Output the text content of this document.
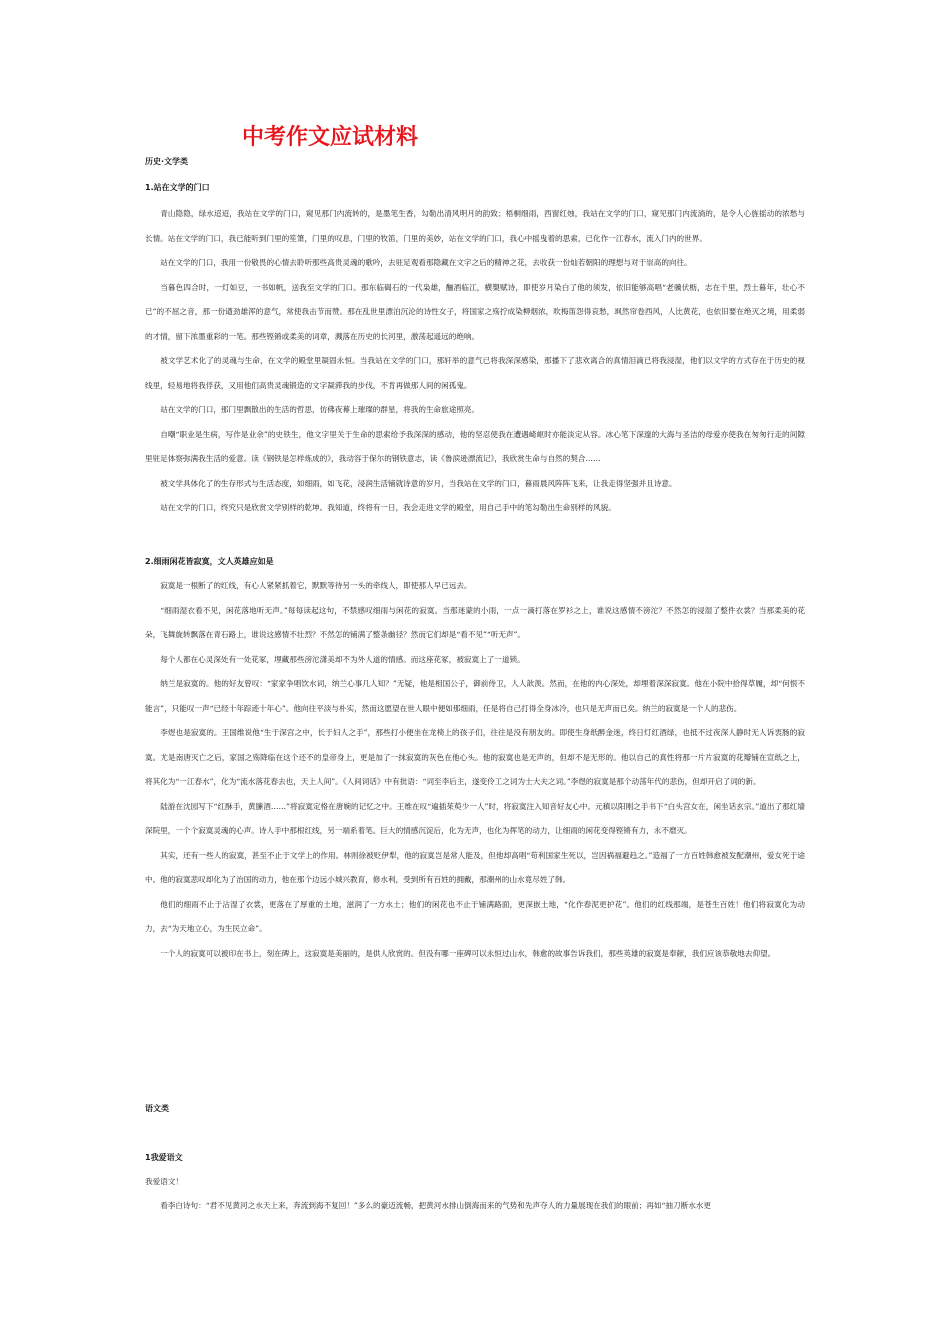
中考作文应试材料
历史·文学类
1.站在文学的门口

青山隐隐，绿水迢迢，我站在文学的门口，窥见那门内流转的，是墨笔生香，勾勒出清风明月的韵致；梧桐细雨，西窗红烛，我站在文学的门口，窥见那门内流淌的，是令人心旌摇动的浓愁与长情。站在文学的门口，我已能听到门里的笙箫，门里的叹息，门里的牧笛，门里的美妙，站在文学的门口，我心中摇曳着的思索，已化作一江春水，流入门内的世界。

站在文学的门口，我用一份敬畏的心情去聆听那些高贵灵魂的歌吟，去驻足观看那隐藏在文字之后的精神之花，去收获一份灿若朝阳的理想与对于崇高的向往。

当暮色四合时，一灯如豆，一书如帆，送我至文学的门口。那东临碣石的一代枭雄，酾酒临江，横槊赋诗，即使岁月染白了他的须发，依旧能够高唱“老骥伏枥，志在千里，烈士暮年，壮心不已”的不屈之音，那一份遒劲雄浑的意气，常使我击节而赞。那在乱世里漂泊沉沦的诗性女子，将国家之殇拧成染柳烟浓，吹梅笛怨得哀愁，飒然帘卷西风，人比黄花，也依旧要在绝灭之境，用柔弱的才情，留下浓墨重彩的一笔。那些铿锵或柔美的词章，溅落在历史的长河里，激荡起遥远的绝响。

被文学艺术化了的灵魂与生命，在文学的殿堂里凝固永恒。当我站在文学的门口，那轩举的意气已将我深深感染，那播下了悲欢离合的真情泪滴已将我浸湿，他们以文学的方式存在于历史的视线里，轻易地将我俘获，又用他们高贵灵魂锻造的文字凝滞我的步伐，不肯再做那人间的闲孤鬼。

站在文学的门口，那门里飘散出的生活的哲思，仿佛夜幕上璀璨的群星，将我的生命旅途照亮。

自嘲“职业是生病，写作是业余”的史铁生，他文字里关于生命的思索给予我深深的感动，他的坚忍使我在遭遇崎岖时亦能淡定从容。冰心笔下深邃的大海与圣洁的母爱亦使我在匆匆行走的间隙里驻足体察弥满我生活的爱意。读《钢铁是怎样炼成的》，我动容于保尔的钢铁意志，读《鲁滨逊漂流记》，我欣赏生命与自然的契合……

被文学具体化了的生存形式与生活态度，如细雨，如飞花，浸润生活铺就诗意的岁月，当我站在文学的门口，暮雨晨风阵阵飞来，让我走得坚强并且诗意。

站在文学的门口，终究只是欣赏文学别样的乾坤。我知道，终将有一日，我会走进文学的殿堂，用自己手中的笔勾勒出生命别样的风貌。

2.细雨闲花皆寂寞，文人英雄应如是

寂寞是一根断了的红线，有心人紧紧抓着它，默默等待另一头的牵线人，即使那人早已远去。

“细雨湿衣看不见，闲花落地听无声。”每每读起这句，不禁感叹细雨与闲花的寂寞。当那迷蒙的小雨，一点一滴打落在罗衫之上，谁说这感情不滂沱？不然怎的浸湿了整件衣裳？当那柔美的花朵，飞舞旋转飘落在青石路上，谁说这感情不壮烈？不然怎的铺满了整条幽径？然而它们却是“看不见”“听无声”。

每个人都在心灵深处有一处花冢，埋藏那些滂沱潇美却不为外人道的情感。而这座花冢，被寂寞上了一道锁。

纳兰是寂寞的。他的好友曾叹：“家家争唱饮水词，纳兰心事几人知？”无疑，他是相国公子，御前侍卫，人人歆羡。然而，在他的内心深处，却埋着深深寂寞。他在小院中拾得草履，却“何恨不能言”，只能叹一声“已经十年踪迹十年心”。他向往平淡与朴实，然而这愿望在世人眼中便如那细雨，任是将自己打得全身冰冷，也只是无声而已矣。纳兰的寂寞是一个人的悲伤。

李煜也是寂寞的。王国维说他“生于深宫之中，长于妇人之手”，那些打小便坐在龙椅上的孩子们，往往是没有朋友的。即使生身纸醉金迷，终日灯红酒绿，也抵不过夜深人静时无人诉衷肠的寂寞。尤是南唐灭亡之后，家国之殇降临在这个还不的皇帝身上，更是加了一抹寂寞的灰色在他心头。他的寂寞也是无声的，但却不是无形的。他以自己的真性将那一片片寂寞的花瓣铺在宣纸之上，将其化为“一江春水”，化为“流水落花春去也，天上人间”。《人间词话》中有批语：“词至李后主，遂变伶工之词为士大夫之词。”李煜的寂寞是那个动荡年代的悲伤，但却开启了词的新。

陆游在沈园写下“红酥手，黄縢酒……”将寂寞定格在唐婉的记忆之中。王维在叹“遍插茱萸少一人”时，将寂寞注入知音好友心中。元稹以阳刚之手书下“白头宫女在，闲坐话玄宗。”道出了那红墙深院里，一个个寂寞灵魂的心声。诗人手中那根红线，另一端系着笔。巨大的情感沉淀后，化为无声，也化为挥笔的动力，让细雨的闲花变得铿锵有力，永不磨灭。

其实，还有一些人的寂寞，甚至不止于文学上的作用。林则徐被贬伊犁，他的寂寞岂是常人能及，但他却高唱“苟利国家生死以，岂因祸福避趋之。”造福了一方百姓韩愈被发配潮州，爱女死于途中。他的寂寞悲叹却化为了治国的动力，他在那个边远小城兴教育，修水利，受到所有百姓的拥戴，那潮州的山水竟尽姓了韩。

他们的细雨不止于沾湿了衣裳，更落在了厚重的土地，滋润了一方水土；他们的闲花也不止于铺满路面，更深嵌土地，“化作春泥更护花”。他们的红线那端，是苍生百姓！他们将寂寞化为动力，去“为天地立心，为生民立命”。

一个人的寂寞可以被印在书上，刻在碑上，这寂寞是美丽的，是供人欣赏的。但没有哪一座碑可以永恒过山水，韩愈的故事告诉我们，那些英雄的寂寞是奉献，我们应该恭敬地去仰望。

语文类
1我爱语文
我爱语文！

看李白诗句：“君不见黄河之水天上来，奔流到海不复回！”多么的豪迈流畅，把黄河水排山倒海而来的气势和先声夺人的力量展现在我们的眼前；再如“抽刀断水水更
